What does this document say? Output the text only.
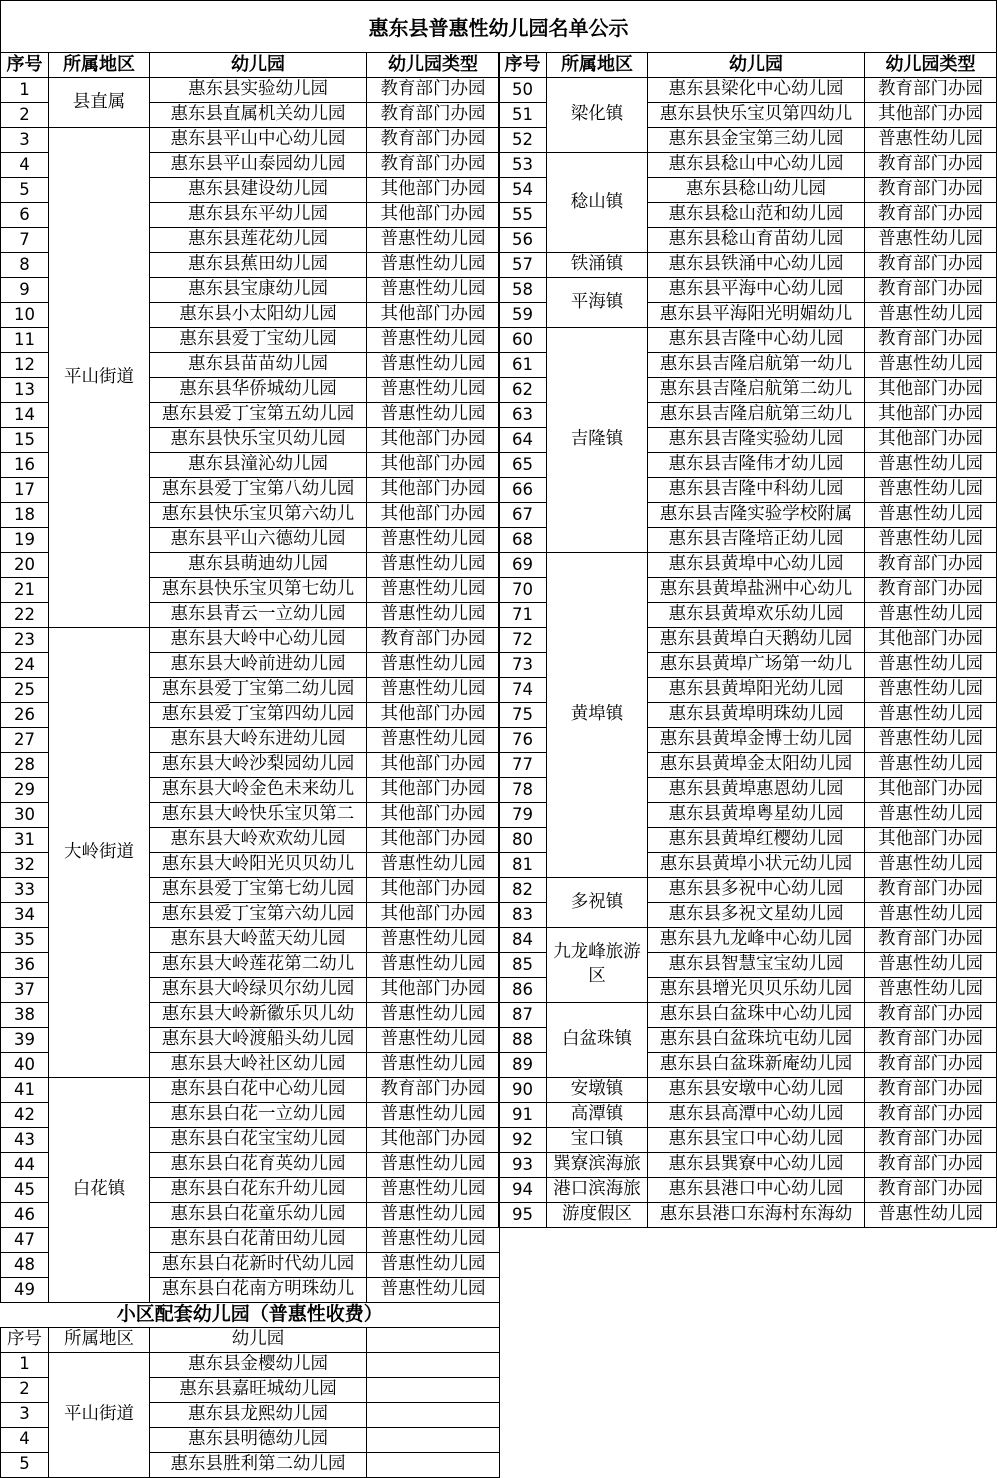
惠东县普惠性幼儿园名单公示
序号	所属地区	幼儿园	幼儿园类型
1	县直属	惠东县实验幼儿园	教育部门办园
2		惠东县直属机关幼儿园	教育部门办园
3	平山街道	惠东县平山中心幼儿园	教育部门办园
4		惠东县平山泰园幼儿园	教育部门办园
5		惠东县建设幼儿园	其他部门办园
6		惠东县东平幼儿园	其他部门办园
7		惠东县莲花幼儿园	普惠性幼儿园
8		惠东县蕉田幼儿园	普惠性幼儿园
9		惠东县宝康幼儿园	普惠性幼儿园
10		惠东县小太阳幼儿园	其他部门办园
11		惠东县爱丁宝幼儿园	普惠性幼儿园
12		惠东县苗苗幼儿园	普惠性幼儿园
13		惠东县华侨城幼儿园	普惠性幼儿园
14		惠东县爱丁宝第五幼儿园	普惠性幼儿园
15		惠东县快乐宝贝幼儿园	其他部门办园
16		惠东县潼沁幼儿园	其他部门办园
17		惠东县爱丁宝第八幼儿园	其他部门办园
18		惠东县快乐宝贝第六幼儿	其他部门办园
19		惠东县平山六德幼儿园	普惠性幼儿园
20		惠东县萌迪幼儿园	普惠性幼儿园
21		惠东县快乐宝贝第七幼儿	普惠性幼儿园
22		惠东县青云一立幼儿园	普惠性幼儿园
23	大岭街道	惠东县大岭中心幼儿园	教育部门办园
24		惠东县大岭前进幼儿园	普惠性幼儿园
25		惠东县爱丁宝第二幼儿园	普惠性幼儿园
26		惠东县爱丁宝第四幼儿园	其他部门办园
27		惠东县大岭东进幼儿园	普惠性幼儿园
28		惠东县大岭沙梨园幼儿园	其他部门办园
29		惠东县大岭金色未来幼儿	其他部门办园
30		惠东县大岭快乐宝贝第二	其他部门办园
31		惠东县大岭欢欢幼儿园	其他部门办园
32		惠东县大岭阳光贝贝幼儿	普惠性幼儿园
33		惠东县爱丁宝第七幼儿园	其他部门办园
34		惠东县爱丁宝第六幼儿园	其他部门办园
35		惠东县大岭蓝天幼儿园	普惠性幼儿园
36		惠东县大岭莲花第二幼儿	普惠性幼儿园
37		惠东县大岭绿贝尔幼儿园	其他部门办园
38		惠东县大岭新徽乐贝儿幼	普惠性幼儿园
39		惠东县大岭渡船头幼儿园	普惠性幼儿园
40		惠东县大岭社区幼儿园	普惠性幼儿园
41	白花镇	惠东县白花中心幼儿园	教育部门办园
42		惠东县白花一立幼儿园	普惠性幼儿园
43		惠东县白花宝宝幼儿园	其他部门办园
44		惠东县白花育英幼儿园	普惠性幼儿园
45		惠东县白花东升幼儿园	普惠性幼儿园
46		惠东县白花童乐幼儿园	普惠性幼儿园
47		惠东县白花莆田幼儿园	普惠性幼儿园
48		惠东县白花新时代幼儿园	普惠性幼儿园
49		惠东县白花南方明珠幼儿	普惠性幼儿园
序号	所属地区	幼儿园	幼儿园类型
50	梁化镇	惠东县梁化中心幼儿园	教育部门办园
51		惠东县快乐宝贝第四幼儿	其他部门办园
52		惠东县金宝第三幼儿园	普惠性幼儿园
53	稔山镇	惠东县稔山中心幼儿园	教育部门办园
54		惠东县稔山幼儿园	教育部门办园
55		惠东县稔山范和幼儿园	教育部门办园
56		惠东县稔山育苗幼儿园	普惠性幼儿园
57	铁涌镇	惠东县铁涌中心幼儿园	教育部门办园
58	平海镇	惠东县平海中心幼儿园	教育部门办园
59		惠东县平海阳光明媚幼儿	普惠性幼儿园
60	吉隆镇	惠东县吉隆中心幼儿园	教育部门办园
61		惠东县吉隆启航第一幼儿	普惠性幼儿园
62		惠东县吉隆启航第二幼儿	其他部门办园
63		惠东县吉隆启航第三幼儿	其他部门办园
64		惠东县吉隆实验幼儿园	其他部门办园
65		惠东县吉隆伟才幼儿园	普惠性幼儿园
66		惠东县吉隆中科幼儿园	普惠性幼儿园
67		惠东县吉隆实验学校附属	普惠性幼儿园
68		惠东县吉隆培正幼儿园	普惠性幼儿园
69	黄埠镇	惠东县黄埠中心幼儿园	教育部门办园
70		惠东县黄埠盐洲中心幼儿	教育部门办园
71		惠东县黄埠欢乐幼儿园	普惠性幼儿园
72		惠东县黄埠白天鹅幼儿园	其他部门办园
73		惠东县黄埠广场第一幼儿	普惠性幼儿园
74		惠东县黄埠阳光幼儿园	普惠性幼儿园
75		惠东县黄埠明珠幼儿园	普惠性幼儿园
76		惠东县黄埠金博士幼儿园	普惠性幼儿园
77		惠东县黄埠金太阳幼儿园	普惠性幼儿园
78		惠东县黄埠惠恩幼儿园	其他部门办园
79		惠东县黄埠粤星幼儿园	普惠性幼儿园
80		惠东县黄埠红樱幼儿园	其他部门办园
81		惠东县黄埠小状元幼儿园	普惠性幼儿园
82	多祝镇	惠东县多祝中心幼儿园	教育部门办园
83		惠东县多祝文星幼儿园	普惠性幼儿园
84	九龙峰旅游区	惠东县九龙峰中心幼儿园	教育部门办园
85		惠东县智慧宝宝幼儿园	普惠性幼儿园
86		惠东县增光贝贝乐幼儿园	普惠性幼儿园
87	白盆珠镇	惠东县白盆珠中心幼儿园	教育部门办园
88		惠东县白盆珠坑屯幼儿园	教育部门办园
89		惠东县白盆珠新庵幼儿园	教育部门办园
90	安墩镇	惠东县安墩中心幼儿园	教育部门办园
91	高潭镇	惠东县高潭中心幼儿园	教育部门办园
92	宝口镇	惠东县宝口中心幼儿园	教育部门办园
93	巽寮滨海旅	惠东县巽寮中心幼儿园	教育部门办园
94	港口滨海旅	惠东县港口中心幼儿园	教育部门办园
95	游度假区	惠东县港口东海村东海幼	普惠性幼儿园
小区配套幼儿园（普惠性收费）			
序号	所属地区	幼儿园	
1	平山街道	惠东县金樱幼儿园	
2		惠东县嘉旺城幼儿园	
3		惠东县龙熙幼儿园	
4		惠东县明德幼儿园	
5		惠东县胜利第二幼儿园	
